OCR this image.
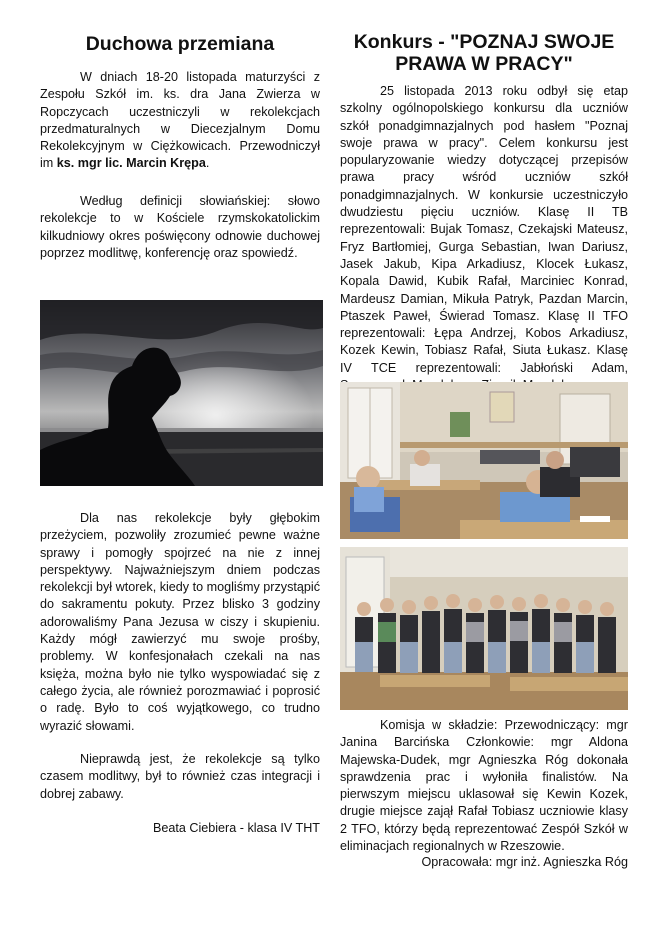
Duchowa przemiana

W dniach 18-20 listopada maturzyści z Zespołu Szkół im. ks. dra Jana Zwierza w Ropczycach uczestniczyli w rekolekcjach przedmaturalnych w Diecezjalnym Domu Rekolekcyjnym w Ciężkowicach. Przewodniczył im ks. mgr lic. Marcin Krępa.

Według definicji słowiańskiej: słowo rekolekcje to w Kościele rzymskokatolickim kilkudniowy okres poświęcony odnowie duchowej poprzez modlitwę, konferencję oraz spowiedź.

Dla nas rekolekcje były głębokim przeżyciem, pozwoliły zrozumieć pewne ważne sprawy i pomogły spojrzeć na nie z innej perspektywy. Najważniejszym dniem podczas rekolekcji był wtorek, kiedy to mogliśmy przystąpić do sakramentu pokuty. Przez blisko 3 godziny adorowaliśmy Pana Jezusa w ciszy i skupieniu. Każdy mógł zawierzyć mu swoje prośby, problemy. W konfesjonałach czekali na nas księża, można było nie tylko wyspowiadać się z całego życia, ale również porozmawiać i poprosić o radę. Było to coś wyjątkowego, co trudno wyrazić słowami.

Nieprawdą jest, że rekolekcje są tylko czasem modlitwy, był to również czas integracji i dobrej zabawy.

Beata Ciebiera - klasa IV THT

Konkurs - "POZNAJ SWOJE PRAWA W PRACY"

25 listopada 2013 roku odbył się etap szkolny ogólnopolskiego konkursu dla uczniów szkół ponadgimnazjalnych pod hasłem "Poznaj swoje prawa w pracy". Celem konkursu jest popularyzowanie wiedzy dotyczącej przepisów prawa pracy wśród uczniów szkół ponadgimnazjalnych. W konkursie uczestniczyło dwudziestu pięciu uczniów. Klasę II TB reprezentowali: Bujak Tomasz, Czekajski Mateusz, Fryz Bartłomiej, Gurga Sebastian, Iwan Dariusz, Jasek Jakub, Kipa Arkadiusz, Klocek Łukasz, Kopala Dawid, Kubik Rafał, Marciniec Konrad, Mardeusz Damian, Mikuła Patryk, Pazdan Marcin, Ptaszek Paweł, Świerad Tomasz. Klasę II TFO reprezentowali: Łępa Andrzej, Kobos Arkadiusz, Kozek Kewin, Tobiasz Rafał, Siuta Łukasz. Klasę IV TCE reprezentowali: Jabłoński Adam,

Komisja w składzie: Przewodniczący: mgr Janina Barcińska Członkowie: mgr Aldona Majewska-Dudek, mgr Agnieszka Róg dokonała sprawdzenia prac i wyłoniła finalistów. Na pierwszym miejscu uklasował się Kewin Kozek, drugie miejsce zajął Rafał Tobiasz uczniowie klasy 2 TFO, którzy będą reprezentować Zespół Szkół w eliminacjach regionalnych w Rzeszowie.

Opracowała: mgr inż. Agnieszka Róg
